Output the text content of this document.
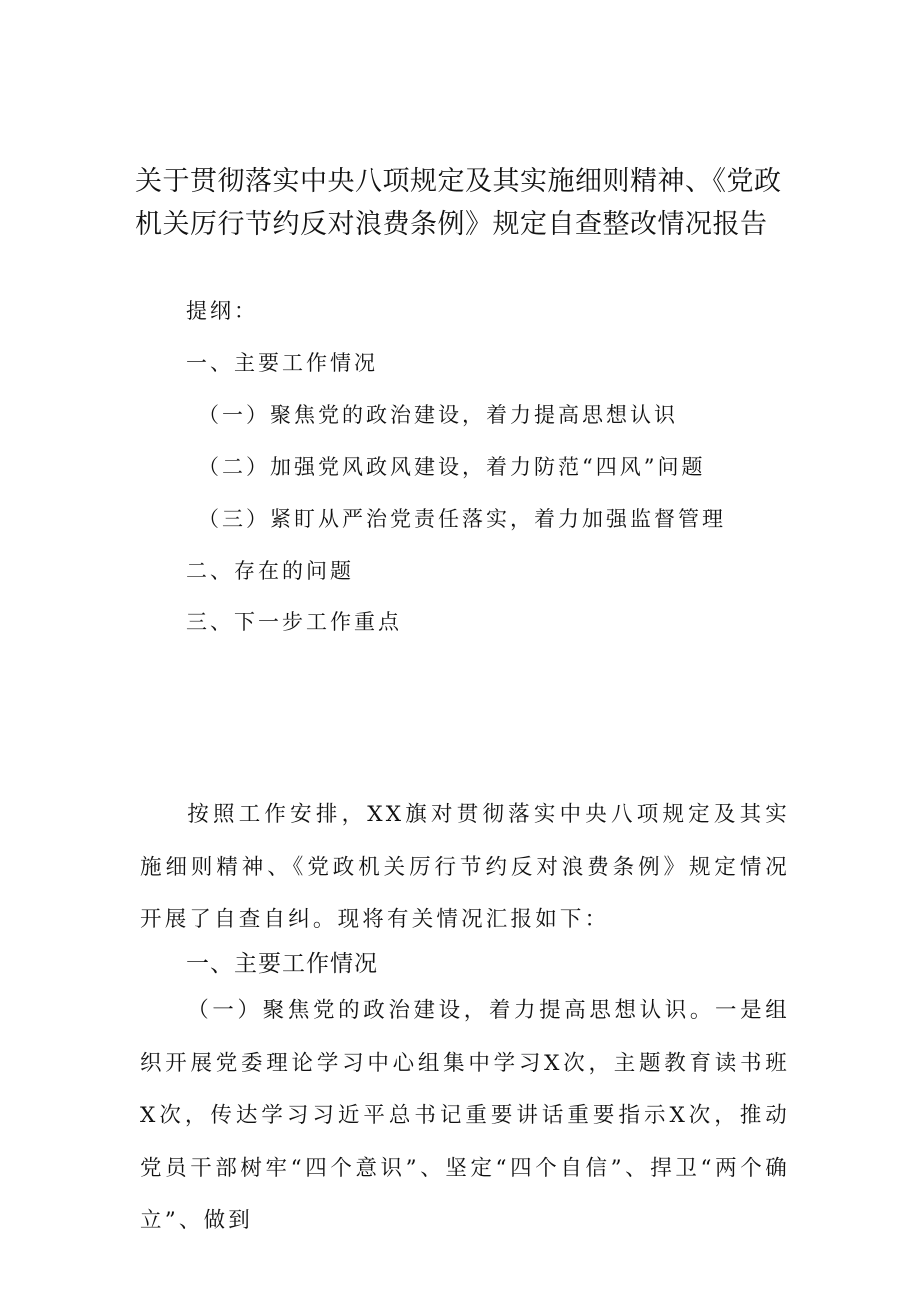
关于贯彻落实中央八项规定及其实施细则精神、《党政机关厉行节约反对浪费条例》规定自查整改情况报告

提纲：

一、主要工作情况

（一）聚焦党的政治建设，着力提高思想认识

（二）加强党风政风建设，着力防范“四风”问题

（三）紧盯从严治党责任落实，着力加强监督管理

二、存在的问题

三、下一步工作重点

按照工作安排，XX旗对贯彻落实中央八项规定及其实施细则精神、《党政机关厉行节约反对浪费条例》规定情况开展了自查自纠。现将有关情况汇报如下：

一、主要工作情况

（一）聚焦党的政治建设，着力提高思想认识。一是组织开展党委理论学习中心组集中学习X次，主题教育读书班X次，传达学习习近平总书记重要讲话重要指示X次，推动党员干部树牢“四个意识”、坚定“四个自信”、捍卫“两个确立”、做到
